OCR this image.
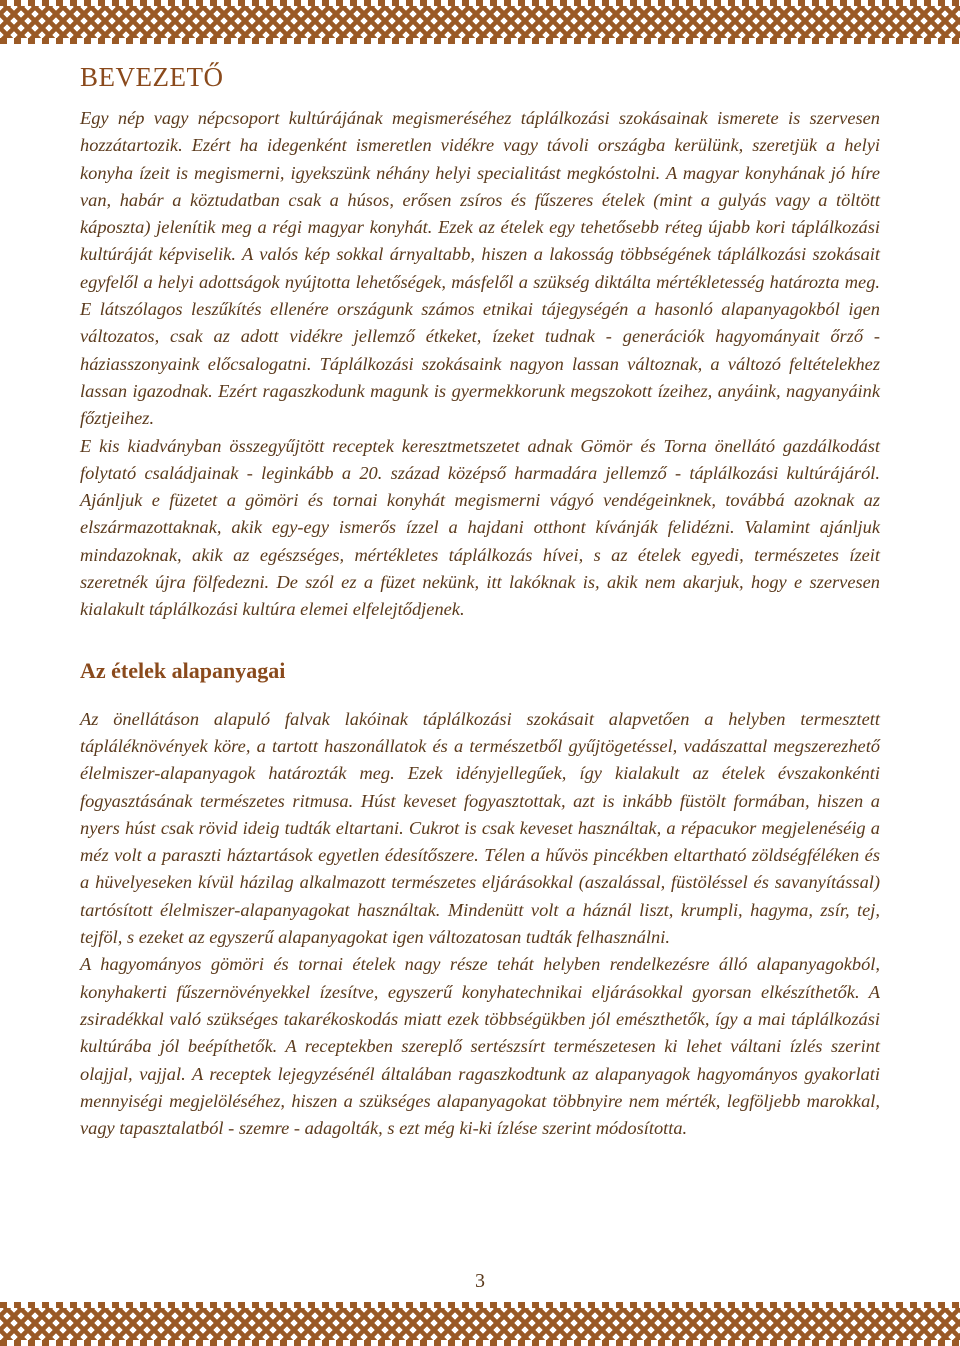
BEVEZETŐ

Egy nép vagy népcsoport kultúrájának megismeréséhez táplálkozási szokásainak ismerete is szervesen hozzátartozik. Ezért ha idegenként ismeretlen vidékre vagy távoli országba kerülünk, szeretjük a helyi konyha ízeit is megismerni, igyekszünk néhány helyi specialitást megkóstolni. A magyar konyhának jó híre van, habár a köztudatban csak a húsos, erősen zsíros és fűszeres ételek (mint a gulyás vagy a töltött káposzta) jelenítik meg a régi magyar konyhát. Ezek az ételek egy tehetősebb réteg újabb kori táplálkozási kultúráját képviselik. A valós kép sokkal árnyaltabb, hiszen a lakosság többségének táplálkozási szokásait egyfelől a helyi adottságok nyújtotta lehetőségek, másfelől a szükség diktálta mértékletesség határozta meg. E látszólagos leszűkítés ellenére országunk számos etnikai tájegységén a hasonló alapanyagokból igen változatos, csak az adott vidékre jellemző étkeket, ízeket tudnak - generációk hagyományait őrző - háziasszonyaink előcsalogatni. Táplálkozási szokásaink nagyon lassan változnak, a változó feltételekhez lassan igazodnak. Ezért ragaszkodunk magunk is gyermekkorunk megszokott ízeihez, anyáink, nagyanyáink főztjeihez.

E kis kiadványban összegyűjtött receptek keresztmetszetet adnak Gömör és Torna önellátó gazdálkodást folytató családjainak - leginkább a 20. század középső harmadára jellemző - táplálkozási kultúrájáról. Ajánljuk e füzetet a gömöri és tornai konyhát megismerni vágyó vendégeinknek, továbbá azoknak az elszármazottaknak, akik egy-egy ismerős ízzel a hajdani otthont kívánják felidézni. Valamint ajánljuk mindazoknak, akik az egészséges, mértékletes táplálkozás hívei, s az ételek egyedi, természetes ízeit szeretnék újra fölfedezni. De szól ez a füzet nekünk, itt lakóknak is, akik nem akarjuk, hogy e szervesen kialakult táplálkozási kultúra elemei elfelejtődjenek.

Az ételek alapanyagai

Az önellátáson alapuló falvak lakóinak táplálkozási szokásait alapvetően a helyben termesztett tápláléknövények köre, a tartott haszonállatok és a természetből gyűjtögetéssel, vadászattal megszerezhető élelmiszer-alapanyagok határozták meg. Ezek idényjellegűek, így kialakult az ételek évszakonkénti fogyasztásának természetes ritmusa. Húst keveset fogyasztottak, azt is inkább füstölt formában, hiszen a nyers húst csak rövid ideig tudták eltartani. Cukrot is csak keveset használtak, a répacukor megjelenéséig a méz volt a paraszti háztartások egyetlen édesítőszere. Télen a hűvös pincékben eltartható zöldségféléken és a hüvelyeseken kívül házilag alkalmazott természetes eljárásokkal (aszalással, füstöléssel és savanyítással) tartósított élelmiszer-alapanyagokat használtak. Mindenütt volt a háznál liszt, krumpli, hagyma, zsír, tej, tejföl, s ezeket az egyszerű alapanyagokat igen változatosan tudták felhasználni.

A hagyományos gömöri és tornai ételek nagy része tehát helyben rendelkezésre álló alapanyagokból, konyhakerti fűszernövényekkel ízesítve, egyszerű konyhatechnikai eljárásokkal gyorsan elkészíthetők. A zsiradékkal való szükséges takarékoskodás miatt ezek többségükben jól emészthetők, így a mai táplálkozási kultúrába jól beépíthetők. A receptekben szereplő sertészsírt természetesen ki lehet váltani ízlés szerint olajjal, vajjal. A receptek lejegyzésénél általában ragaszkodtunk az alapanyagok hagyományos gyakorlati mennyiségi megjelöléséhez, hiszen a szükséges alapanyagokat többnyire nem mérték, legföljebb marokkal, vagy tapasztalatból - szemre - adagolták, s ezt még ki-ki ízlése szerint módosította.

3
